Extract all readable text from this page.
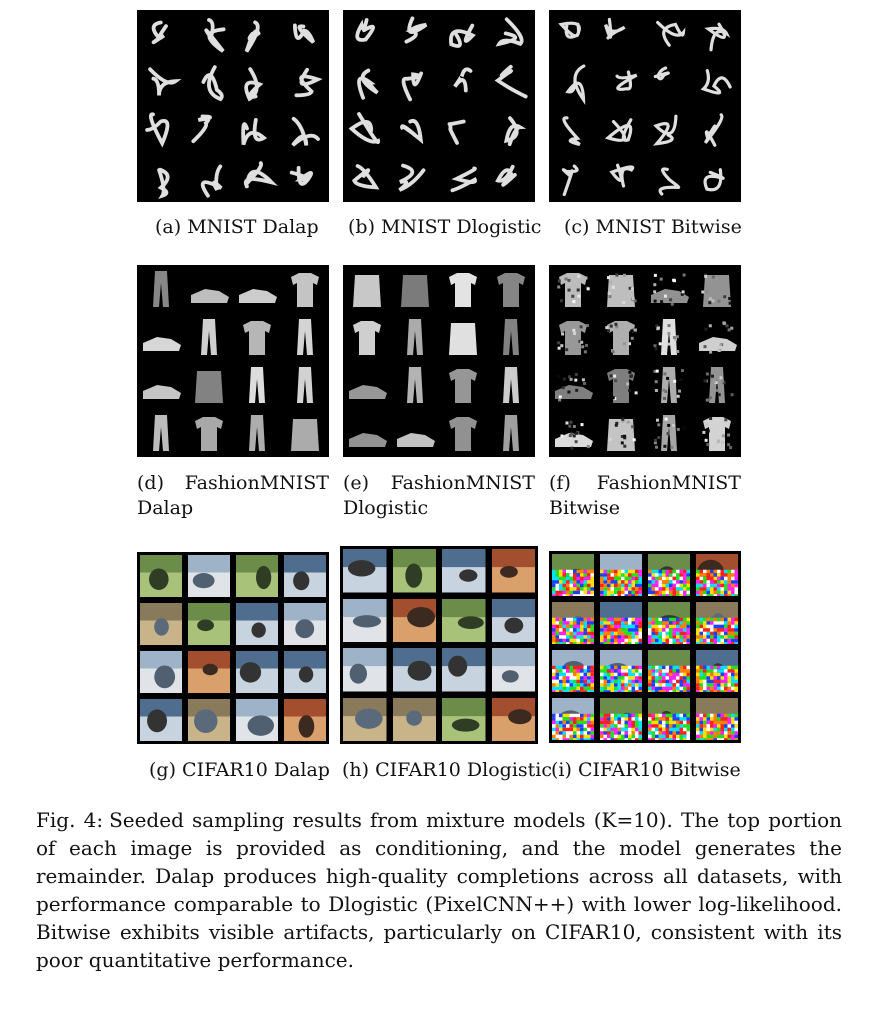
(a) MNIST Dalap (b) MNIST Dlogistic (c) MNIST Bitwise
(d) FashionMNIST
Dalap
(e) FashionMNIST
Dlogistic
(f) FashionMNIST
Bitwise
(g) CIFAR10 Dalap (h) CIFAR10 Dlogistic
(i) CIFAR10 Bitwise
Fig. 4: Seeded sampling results from mixture models (K=10). The top portion of each image is provided as conditioning, and the model generates the remainder. Dalap produces high-quality completions across all datasets, with performance comparable to Dlogistic (PixelCNN++) with lower log-likelihood. Bitwise exhibits visible artifacts, particularly on CIFAR10, consistent with its poor quantitative performance.
